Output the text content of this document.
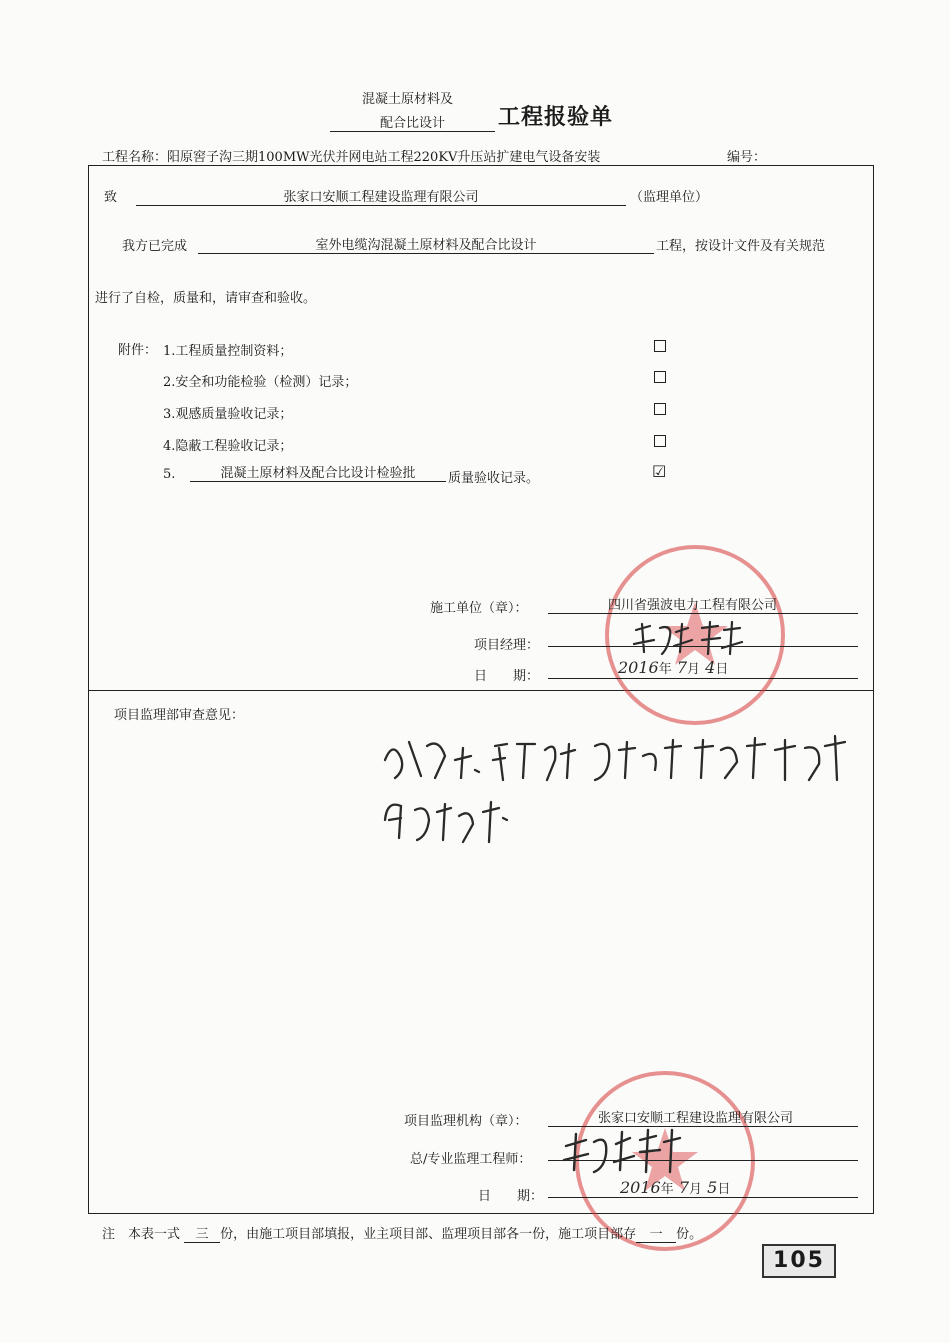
混凝土原材料及
配合比设计	工程报验单
工程名称：阳原窖子沟三期100MW光伏并网电站工程220KV升压站扩建电气设备安装	编号：
致	张家口安顺工程建设监理有限公司	（监理单位）
我方已完成	室外电缆沟混凝土原材料及配合比设计	工程，按设计文件及有关规范
进行了自检，质量和，请审查和验收。
附件： 1.工程质量控制资料；
2.安全和功能检验（检测）记录；
3.观感质量验收记录；
4.隐蔽工程验收记录；
5.	混凝土原材料及配合比设计检验批	质量验收记录。	☑
施工单位（章）：	四川省强波电力工程有限公司
项目经理：
日　　期：	2016年 7月 4日
项目监理部审查意见：
项目监理机构（章）：	张家口安顺工程建设监理有限公司
总/专业监理工程师：
日　　期：	2016年 7月 5日
注　本表一式 三 份，由施工项目部填报，业主项目部、监理项目部各一份，施工项目部存 一 份。
105
